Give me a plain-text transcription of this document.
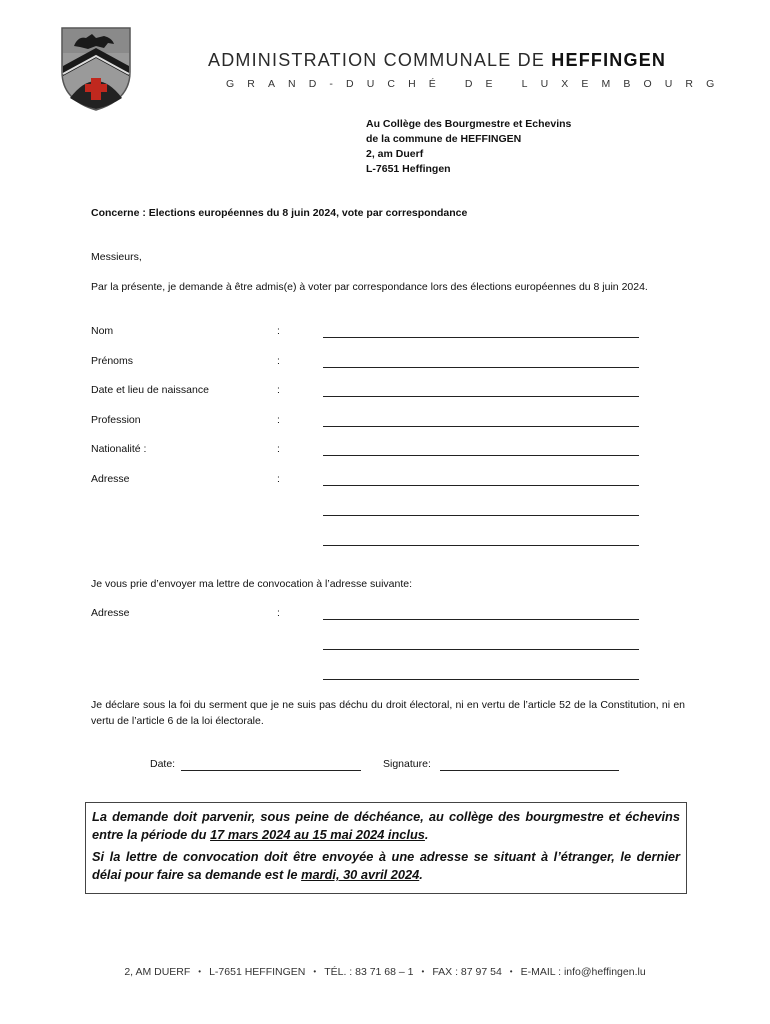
ADMINISTRATION COMMUNALE DE HEFFINGEN
GRAND-DUCHÉ DE LUXEMBOURG
Au Collège des Bourgmestre et Echevins
de la commune de HEFFINGEN
2, am Duerf
L-7651 Heffingen
Concerne : Elections européennes du 8 juin 2024, vote par correspondance
Messieurs,
Par la présente, je demande à être admis(e) à voter par correspondance lors des élections européennes du 8 juin 2024.
Nom	:
Prénoms	:
Date et lieu de naissance	:
Profession	:
Nationalité :	:
Adresse	:
Je vous prie d’envoyer ma lettre de convocation à l’adresse suivante:
Adresse	:
Je déclare sous la foi du serment que je ne suis pas déchu du droit électoral, ni en vertu de l’article 52 de la Constitution, ni en vertu de l’article 6 de la loi électorale.
Date:	Signature:

La demande doit parvenir, sous peine de déchéance, au collège des bourgmestre et échevins entre la période du 17 mars 2024 au 15 mai 2024 inclus.

Si la lettre de convocation doit être envoyée à une adresse se situant à l’étranger, le dernier délai pour faire sa demande est le mardi, 30 avril 2024.

2, AM DUERF • L-7651 HEFFINGEN • TÉL. : 83 71 68 – 1 • FAX : 87 97 54 • E-MAIL : info@heffingen.lu
